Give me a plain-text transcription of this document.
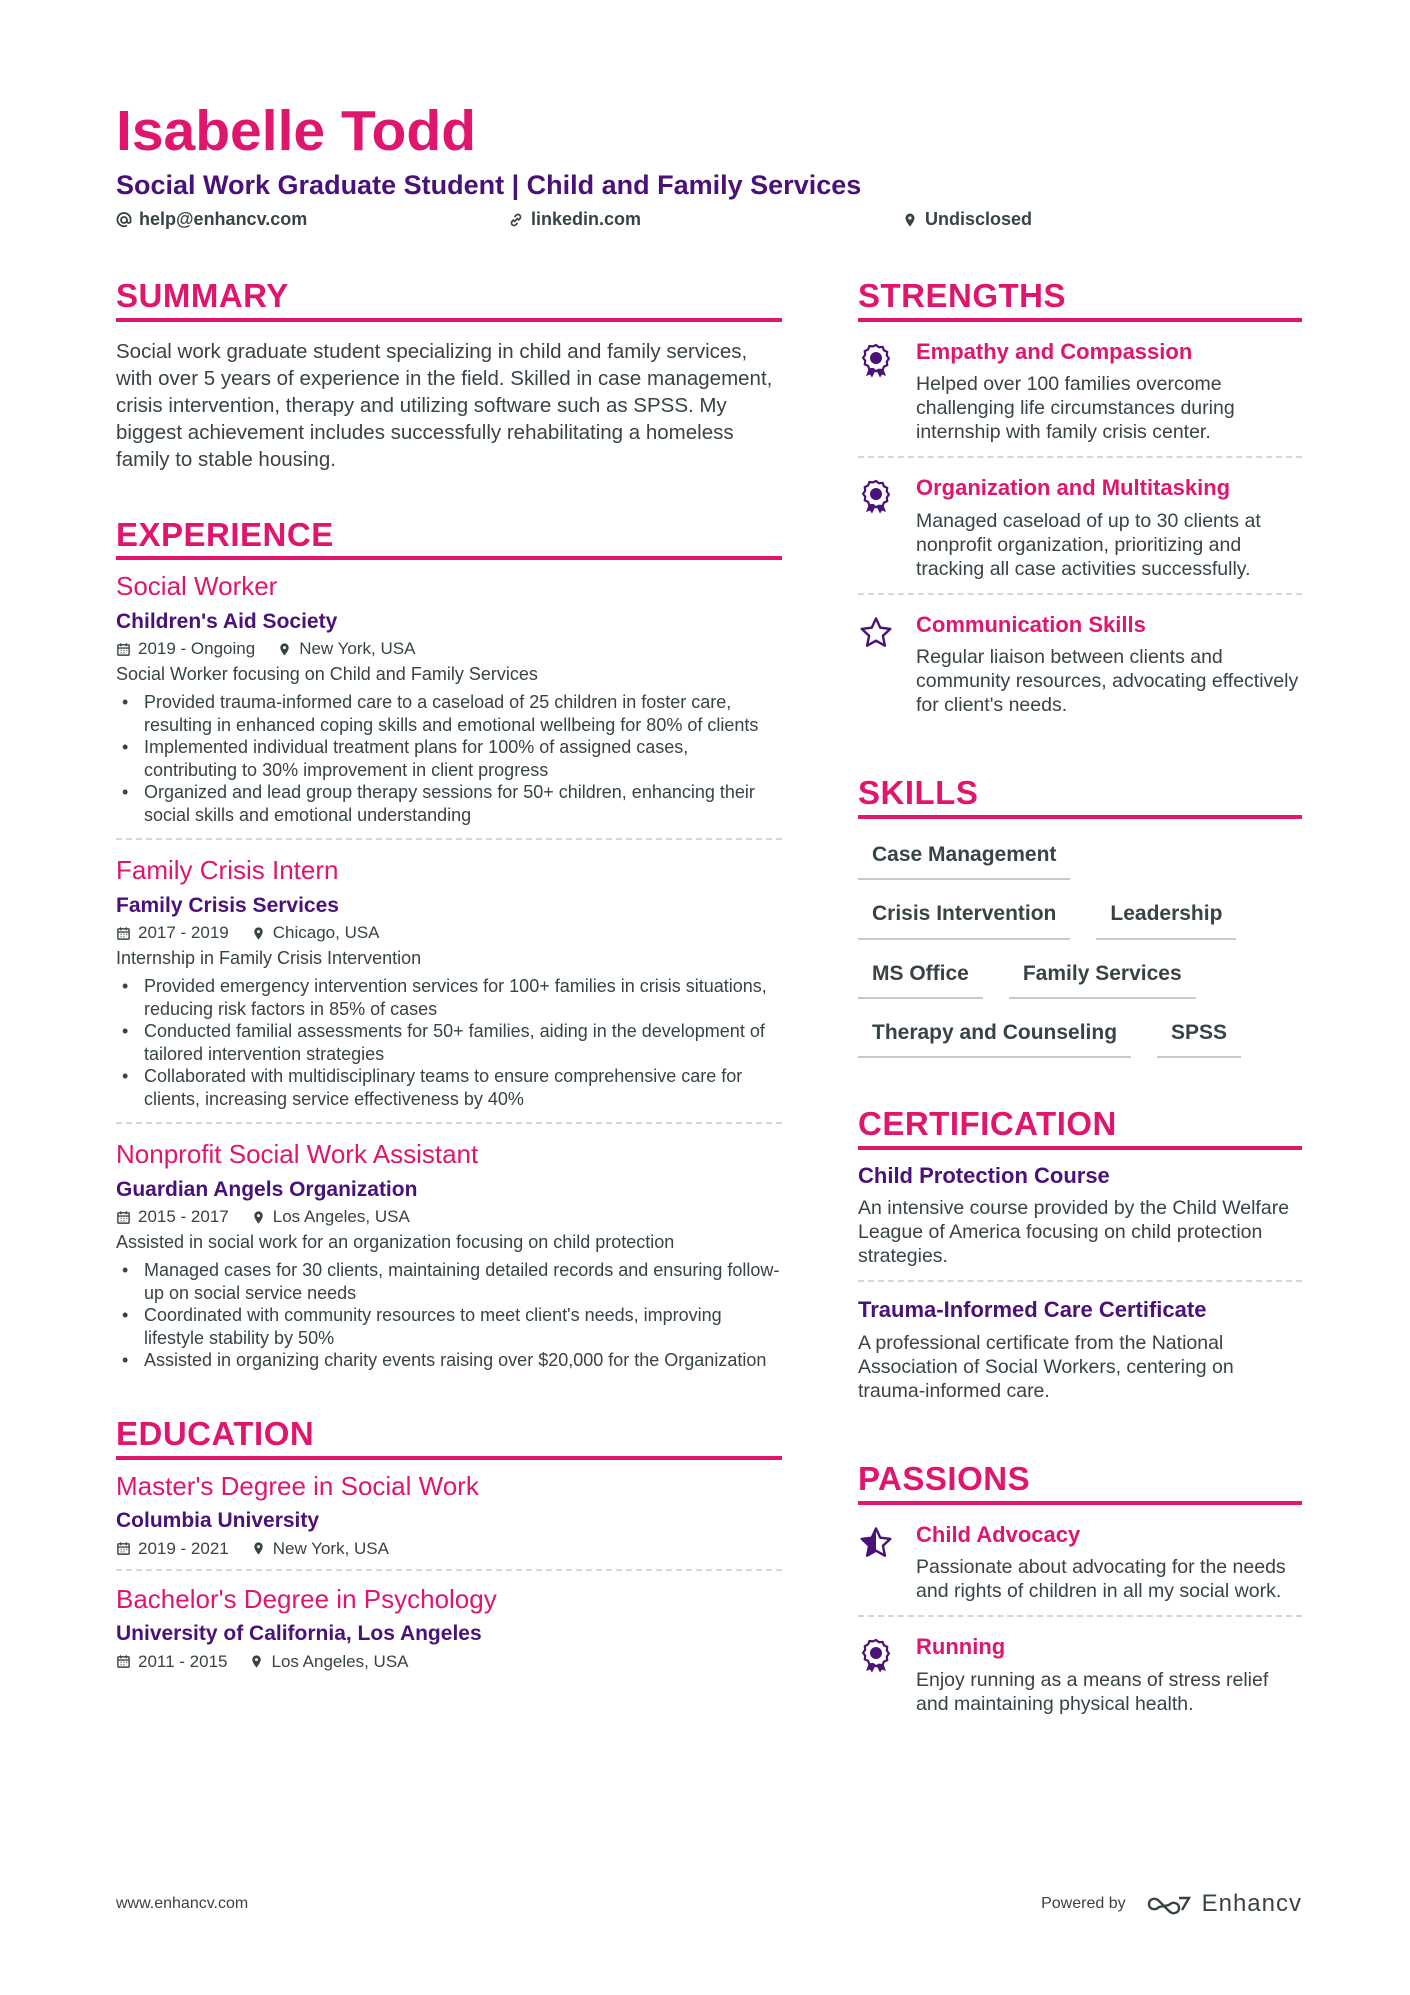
Isabelle Todd
Social Work Graduate Student | Child and Family Services
help@enhancv.com	linkedin.com	Undisclosed
SUMMARY
Social work graduate student specializing in child and family services, with over 5 years of experience in the field. Skilled in case management, crisis intervention, therapy and utilizing software such as SPSS. My biggest achievement includes successfully rehabilitating a homeless family to stable housing.
EXPERIENCE
Social Worker
Children's Aid Society
2019 - Ongoing	New York, USA
Social Worker focusing on Child and Family Services
• Provided trauma-informed care to a caseload of 25 children in foster care, resulting in enhanced coping skills and emotional wellbeing for 80% of clients
• Implemented individual treatment plans for 100% of assigned cases, contributing to 30% improvement in client progress
• Organized and lead group therapy sessions for 50+ children, enhancing their social skills and emotional understanding
Family Crisis Intern
Family Crisis Services
2017 - 2019	Chicago, USA
Internship in Family Crisis Intervention
• Provided emergency intervention services for 100+ families in crisis situations, reducing risk factors in 85% of cases
• Conducted familial assessments for 50+ families, aiding in the development of tailored intervention strategies
• Collaborated with multidisciplinary teams to ensure comprehensive care for clients, increasing service effectiveness by 40%
Nonprofit Social Work Assistant
Guardian Angels Organization
2015 - 2017	Los Angeles, USA
Assisted in social work for an organization focusing on child protection
• Managed cases for 30 clients, maintaining detailed records and ensuring follow-up on social service needs
• Coordinated with community resources to meet client's needs, improving lifestyle stability by 50%
• Assisted in organizing charity events raising over $20,000 for the Organization
EDUCATION
Master's Degree in Social Work
Columbia University
2019 - 2021	New York, USA
Bachelor's Degree in Psychology
University of California, Los Angeles
2011 - 2015	Los Angeles, USA
STRENGTHS
Empathy and Compassion
Helped over 100 families overcome challenging life circumstances during internship with family crisis center.
Organization and Multitasking
Managed caseload of up to 30 clients at nonprofit organization, prioritizing and tracking all case activities successfully.
Communication Skills
Regular liaison between clients and community resources, advocating effectively for client's needs.
SKILLS
Case Management
Crisis Intervention	Leadership
MS Office	Family Services
Therapy and Counseling	SPSS
CERTIFICATION
Child Protection Course
An intensive course provided by the Child Welfare League of America focusing on child protection strategies.
Trauma-Informed Care Certificate
A professional certificate from the National Association of Social Workers, centering on trauma-informed care.
PASSIONS
Child Advocacy
Passionate about advocating for the needs and rights of children in all my social work.
Running
Enjoy running as a means of stress relief and maintaining physical health.
www.enhancv.com	Powered by	Enhancv
